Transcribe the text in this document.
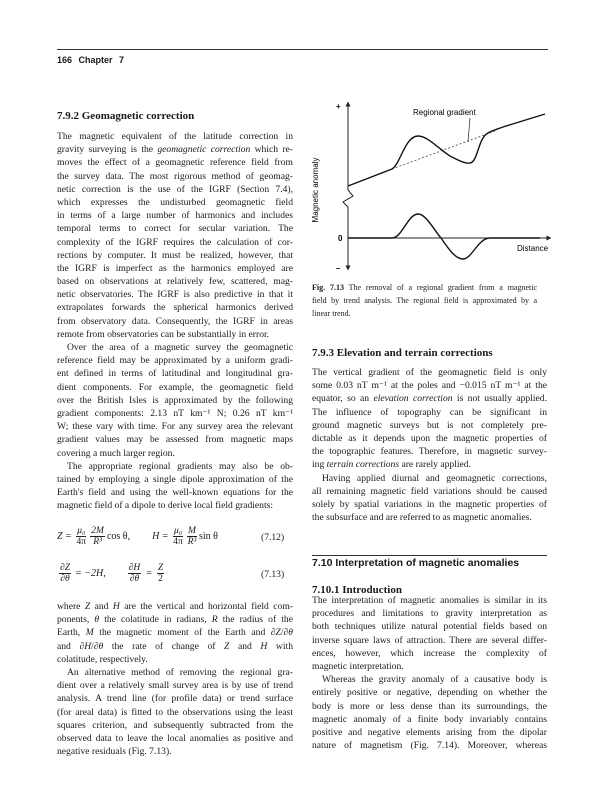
166 Chapter 7
7.9.2 Geomagnetic correction
The magnetic equivalent of the latitude correction in
gravity surveying is the geomagnetic correction which re-
moves the effect of a geomagnetic reference field from
the survey data. The most rigorous method of geomag-
netic correction is the use of the IGRF (Section 7.4),
which expresses the undisturbed geomagnetic field
in terms of a large number of harmonics and includes
temporal terms to correct for secular variation. The
complexity of the IGRF requires the calculation of cor-
rections by computer. It must be realized, however, that
the IGRF is imperfect as the harmonics employed are
based on observations at relatively few, scattered, mag-
netic observatories. The IGRF is also predictive in that it
extrapolates forwards the spherical harmonics derived
from observatory data. Consequently, the IGRF in areas
remote from observatories can be substantially in error.
Over the area of a magnetic survey the geomagnetic
reference field may be approximated by a uniform gradi-
ent defined in terms of latitudinal and longitudinal gra-
dient components. For example, the geomagnetic field
over the British Isles is approximated by the following
gradient components: 2.13 nT km⁻¹ N; 0.26 nT km⁻¹
W; these vary with time. For any survey area the relevant
gradient values may be assessed from magnetic maps
covering a much larger region.
The appropriate regional gradients may also be ob-
tained by employing a single dipole approximation of the
Earth's field and using the well-known equations for the
magnetic field of a dipole to derive local field gradients:
$Z = \frac{\text{μ₀}}{4\pi} \frac{2M}{\text{R³}}$ cos θ, $H = \frac{\text{μ₀}}{4\pi} \frac{M}{\text{R³}}$ sin θ	(7.12)
$\frac{\partial Z}{\partial\theta} = -2H$, $\frac{\partial H}{\partial\theta} = \frac{Z}{2}$	(7.13)
where Z and H are the vertical and horizontal field com-
ponents, θ the colatitude in radians, R the radius of the
Earth, M the magnetic moment of the Earth and ∂Z/∂θ
and ∂H/∂θ the rate of change of Z and H with
colatitude, respectively.
An alternative method of removing the regional gra-
dient over a relatively small survey area is by use of trend
analysis. A trend line (for profile data) or trend surface
(for areal data) is fitted to the observations using the least
squares criterion, and subsequently subtracted from the
observed data to leave the local anomalies as positive and
negative residuals (Fig. 7.13).
Regional gradient
+
–
0
Distance
Magnetic anomaly
Fig. 7.13 The removal of a regional gradient from a magnetic
field by trend analysis. The regional field is approximated by a
linear trend.
7.9.3 Elevation and terrain corrections
The vertical gradient of the geomagnetic field is only
some 0.03 nT m⁻¹ at the poles and −0.015 nT m⁻¹ at the
equator, so an elevation correction is not usually applied.
The influence of topography can be significant in
ground magnetic surveys but is not completely pre-
dictable as it depends upon the magnetic properties of
the topographic features. Therefore, in magnetic survey-
ing terrain corrections are rarely applied.
Having applied diurnal and geomagnetic corrections,
all remaining magnetic field variations should be caused
solely by spatial variations in the magnetic properties of
the subsurface and are referred to as magnetic anomalies.
7.10 Interpretation of magnetic anomalies
7.10.1 Introduction
The interpretation of magnetic anomalies is similar in its
procedures and limitations to gravity interpretation as
both techniques utilize natural potential fields based on
inverse square laws of attraction. There are several differ-
ences, however, which increase the complexity of
magnetic interpretation.
Whereas the gravity anomaly of a causative body is
entirely positive or negative, depending on whether the
body is more or less dense than its surroundings, the
magnetic anomaly of a finite body invariably contains
positive and negative elements arising from the dipolar
nature of magnetism (Fig. 7.14). Moreover, whereas
